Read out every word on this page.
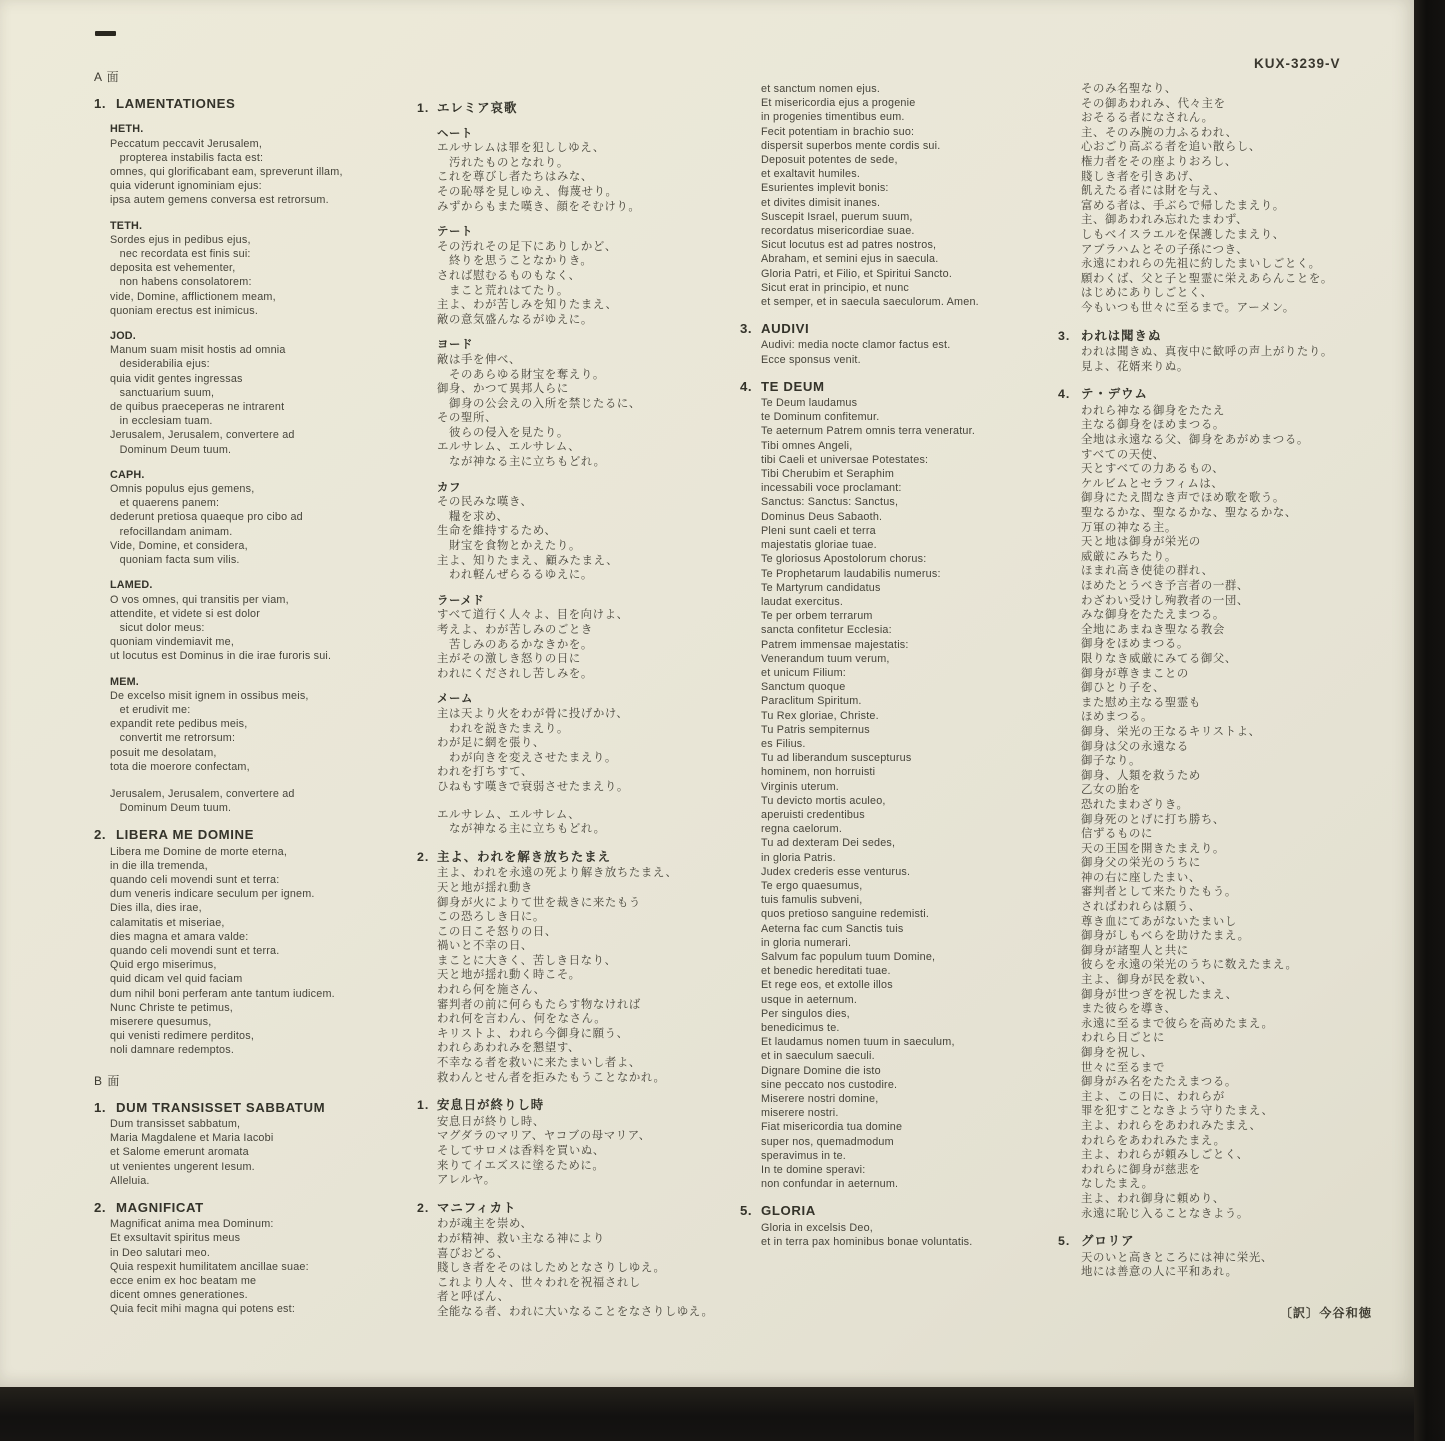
KUX-3239-V
A 面
1. LAMENTATIONES
HETH.
Peccatum peccavit Jerusalem,
propterea instabilis facta est:
omnes, qui glorificabant eam, spreverunt illam,
quia viderunt ignominiam ejus:
ipsa autem gemens conversa est retrorsum.
TETH.
Sordes ejus in pedibus ejus,
nec recordata est finis sui:
deposita est vehementer,
non habens consolatorem:
vide, Domine, afflictionem meam,
quoniam erectus est inimicus.
JOD.
Manum suam misit hostis ad omnia
desiderabilia ejus:
quia vidit gentes ingressas
sanctuarium suum,
de quibus praeceperas ne intrarent
in ecclesiam tuam.
Jerusalem, Jerusalem, convertere ad
Dominum Deum tuum.
CAPH.
Omnis populus ejus gemens,
et quaerens panem:
dederunt pretiosa quaeque pro cibo ad
refocillandam animam.
Vide, Domine, et considera,
quoniam facta sum vilis.
LAMED.
O vos omnes, qui transitis per viam,
attendite, et videte si est dolor
sicut dolor meus:
quoniam vindemiavit me,
ut locutus est Dominus in die irae furoris sui.
MEM.
De excelso misit ignem in ossibus meis,
et erudivit me:
expandit rete pedibus meis,
convertit me retrorsum:
posuit me desolatam,
tota die moerore confectam,
Jerusalem, Jerusalem, convertere ad
Dominum Deum tuum.
2. LIBERA ME DOMINE
Libera me Domine de morte eterna,
in die illa tremenda,
quando celi movendi sunt et terra:
dum veneris indicare seculum per ignem.
Dies illa, dies irae,
calamitatis et miseriae,
dies magna et amara valde:
quando celi movendi sunt et terra.
Quid ergo miserimus,
quid dicam vel quid faciam
dum nihil boni perferam ante tantum iudicem.
Nunc Christe te petimus,
miserere quesumus,
qui venisti redimere perditos,
noli damnare redemptos.
B 面
1. DUM TRANSISSET SABBATUM
Dum transisset sabbatum,
Maria Magdalene et Maria Iacobi
et Salome emerunt aromata
ut venientes ungerent Iesum.
Alleluia.
2. MAGNIFICAT
Magnificat anima mea Dominum:
Et exsultavit spiritus meus
in Deo salutari meo.
Quia respexit humilitatem ancillae suae:
ecce enim ex hoc beatam me
dicent omnes generationes.
Quia fecit mihi magna qui potens est:
1. エレミア哀歌
ヘート
エルサレムは罪を犯ししゆえ、
　汚れたものとなれり。
これを尊びし者たちはみな、
その恥辱を見しゆえ、侮蔑せり。
みずからもまた嘆き、顔をそむけり。
テート
その汚れその足下にありしかど、
　終りを思うことなかりき。
されば慰むるものもなく、
　まこと荒れはてたり。
主よ、わが苦しみを知りたまえ、
敵の意気盛んなるがゆえに。
ヨード
敵は手を伸べ、
　そのあらゆる財宝を奪えり。
御身、かつて異邦人らに
　御身の公会えの入所を禁じたるに、
その聖所、
　彼らの侵入を見たり。
エルサレム、エルサレム、
　なが神なる主に立ちもどれ。
カフ
その民みな嘆き、
　糧を求め、
生命を維持するため、
　財宝を食物とかえたり。
主よ、知りたまえ、顧みたまえ、
　われ軽んぜらるるゆえに。
ラーメド
すべて道行く人々よ、目を向けよ、
考えよ、わが苦しみのごとき
　苦しみのあるかなきかを。
主がその激しき怒りの日に
われにくだされし苦しみを。
メーム
主は天より火をわが骨に投げかけ、
　われを説きたまえり。
わが足に網を張り、
　わが向きを変えさせたまえり。
われを打ちすて、
ひねもす嘆きで衰弱させたまえり。
エルサレム、エルサレム、
　なが神なる主に立ちもどれ。
2. 主よ、われを解き放ちたまえ
主よ、われを永遠の死より解き放ちたまえ、
天と地が揺れ動き
御身が火によりて世を裁きに来たもう
この恐ろしき日に。
この日こそ怒りの日、
禍いと不幸の日、
まことに大きく、苦しき日なり、
天と地が揺れ動く時こそ。
われら何を施さん、
審判者の前に何らもたらす物なければ
われ何を言わん、何をなさん。
キリストよ、われら今御身に願う、
われらあわれみを懇望す、
不幸なる者を救いに来たまいし者よ、
救わんとせん者を拒みたもうことなかれ。
1. 安息日が終りし時
安息日が終りし時、
マグダラのマリア、ヤコブの母マリア、
そしてサロメは香料を買いぬ、
来りてイエズスに塗るために。
アレルヤ。
2. マニフィカト
わが魂主を崇め、
わが精神、救い主なる神により
喜びおどる、
賤しき者をそのはしためとなさりしゆえ。
これより人々、世々われを祝福されし
者と呼ばん、
全能なる者、われに大いなることをなさりしゆえ。
et sanctum nomen ejus.
Et misericordia ejus a progenie
in progenies timentibus eum.
Fecit potentiam in brachio suo:
dispersit superbos mente cordis sui.
Deposuit potentes de sede,
et exaltavit humiles.
Esurientes implevit bonis:
et divites dimisit inanes.
Suscepit Israel, puerum suum,
recordatus misericordiae suae.
Sicut locutus est ad patres nostros,
Abraham, et semini ejus in saecula.
Gloria Patri, et Filio, et Spiritui Sancto.
Sicut erat in principio, et nunc
et semper, et in saecula saeculorum. Amen.
3. AUDIVI
Audivi: media nocte clamor factus est.
Ecce sponsus venit.
4. TE DEUM
Te Deum laudamus
te Dominum confitemur.
Te aeternum Patrem omnis terra veneratur.
Tibi omnes Angeli,
tibi Caeli et universae Potestates:
Tibi Cherubim et Seraphim
incessabili voce proclamant:
Sanctus: Sanctus: Sanctus,
Dominus Deus Sabaoth.
Pleni sunt caeli et terra
majestatis gloriae tuae.
Te gloriosus Apostolorum chorus:
Te Prophetarum laudabilis numerus:
Te Martyrum candidatus
laudat exercitus.
Te per orbem terrarum
sancta confitetur Ecclesia:
Patrem immensae majestatis:
Venerandum tuum verum,
et unicum Filium:
Sanctum quoque
Paraclitum Spiritum.
Tu Rex gloriae, Christe.
Tu Patris sempiternus
es Filius.
Tu ad liberandum suscepturus
hominem, non horruisti
Virginis uterum.
Tu devicto mortis aculeo,
aperuisti credentibus
regna caelorum.
Tu ad dexteram Dei sedes,
in gloria Patris.
Judex crederis esse venturus.
Te ergo quaesumus,
tuis famulis subveni,
quos pretioso sanguine redemisti.
Aeterna fac cum Sanctis tuis
in gloria numerari.
Salvum fac populum tuum Domine,
et benedic hereditati tuae.
Et rege eos, et extolle illos
usque in aeternum.
Per singulos dies,
benedicimus te.
Et laudamus nomen tuum in saeculum,
et in saeculum saeculi.
Dignare Domine die isto
sine peccato nos custodire.
Miserere nostri domine,
miserere nostri.
Fiat misericordia tua domine
super nos, quemadmodum
speravimus in te.
In te domine speravi:
non confundar in aeternum.
5. GLORIA
Gloria in excelsis Deo,
et in terra pax hominibus bonae voluntatis.
そのみ名聖なり、
その御あわれみ、代々主を
おそるる者になされん。
主、そのみ腕の力ふるわれ、
心おごり高ぶる者を追い散らし、
権力者をその座よりおろし、
賤しき者を引きあげ、
飢えたる者には財を与え、
富める者は、手ぶらで帰したまえり。
主、御あわれみ忘れたまわず、
しもべイスラエルを保護したまえり、
アブラハムとその子孫につき、
永遠にわれらの先祖に約したまいしごとく。
願わくば、父と子と聖霊に栄えあらんことを。
はじめにありしごとく、
今もいつも世々に至るまで。アーメン。
3. われは聞きぬ
われは聞きぬ、真夜中に歓呼の声上がりたり。
見よ、花婿来りぬ。
4. テ・デウム
われら神なる御身をたたえ
主なる御身をほめまつる。
全地は永遠なる父、御身をあがめまつる。
すべての天使、
天とすべての力あるもの、
ケルビムとセラフィムは、
御身にたえ間なき声でほめ歌を歌う。
聖なるかな、聖なるかな、聖なるかな、
万軍の神なる主。
天と地は御身が栄光の
威厳にみちたり。
ほまれ高き使徒の群れ、
ほめたとうべき予言者の一群、
わざわい受けし殉教者の一団、
みな御身をたたえまつる。
全地にあまねき聖なる教会
御身をほめまつる。
限りなき威厳にみてる御父、
御身が尊きまことの
御ひとり子を、
また慰め主なる聖霊も
ほめまつる。
御身、栄光の王なるキリストよ、
御身は父の永遠なる
御子なり。
御身、人類を救うため
乙女の胎を
恐れたまわざりき。
御身死のとげに打ち勝ち、
信ずるものに
天の王国を開きたまえり。
御身父の栄光のうちに
神の右に座したまい、
審判者として来たりたもう。
さればわれらは願う、
尊き血にてあがないたまいし
御身がしもべらを助けたまえ。
御身が諸聖人と共に
彼らを永遠の栄光のうちに数えたまえ。
主よ、御身が民を救い、
御身が世つぎを祝したまえ、
また彼らを導き、
永遠に至るまで彼らを高めたまえ。
われら日ごとに
御身を祝し、
世々に至るまで
御身がみ名をたたえまつる。
主よ、この日に、われらが
罪を犯すことなきよう守りたまえ、
主よ、われらをあわれみたまえ、
われらをあわれみたまえ。
主よ、われらが頼みしごとく、
われらに御身が慈悲を
なしたまえ。
主よ、われ御身に頼めり、
永遠に恥じ入ることなきよう。
5. グロリア
天のいと高きところには神に栄光、
地には善意の人に平和あれ。
〔訳〕今谷和徳
